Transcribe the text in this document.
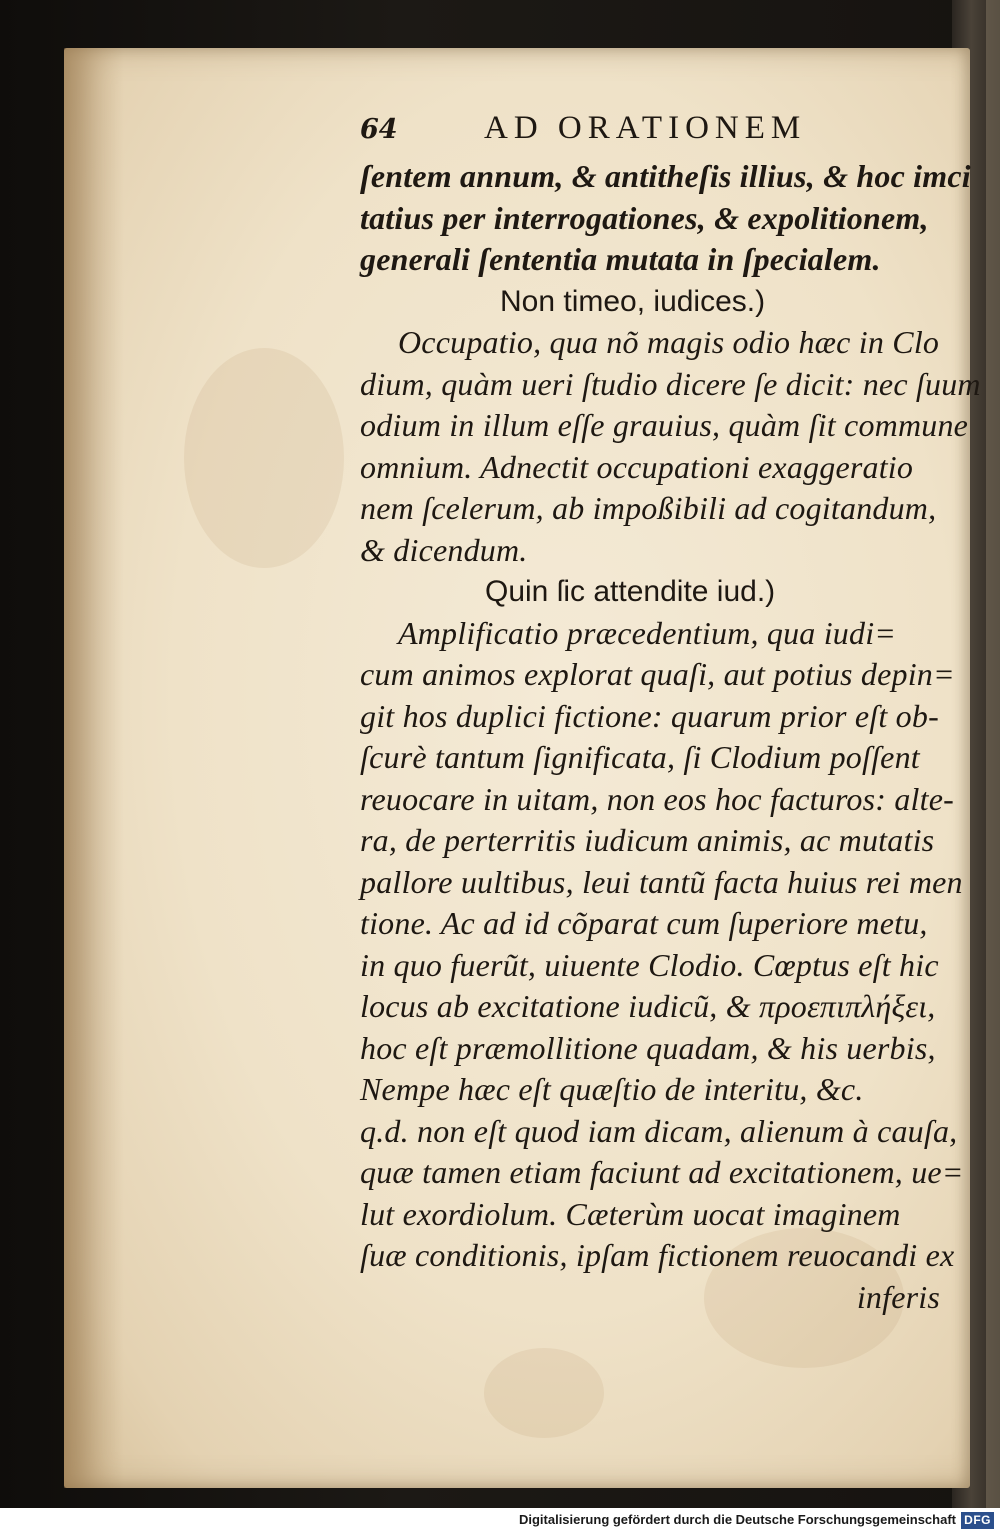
64	AD ORATIONEM
ſentem annum, & antitheſis illius, & hoc imci
tatius per interrogationes, & expolitionem,
generali ſententia mutata in ſpecialem.
Non timeo, iudices.)
Occupatio, qua nõ magis odio hæc in Clo
dium, quàm ueri ſtudio dicere ſe dicit: nec ſuum
odium in illum eſſe grauius, quàm ſit commune
omnium. Adnectit occupationi exaggeratio
nem ſcelerum, ab impoßibili ad cogitandum,
& dicendum.
Quin ſic attendite iud.)
Amplificatio præcedentium, qua iudi=
cum animos explorat quaſi, aut potius depin=
git hos duplici fictione: quarum prior eſt ob-
ſcurè tantum ſignificata, ſi Clodium poſſent
reuocare in uitam, non eos hoc facturos: alte-
ra, de perterritis iudicum animis, ac mutatis
pallore uultibus, leui tantũ facta huius rei men
tione. Ac ad id cõparat cum ſuperiore metu,
in quo fuerũt, uiuente Clodio. Cœptus eſt hic
locus ab excitatione iudicũ, & προεπιπλήξει,
hoc eſt præmollitione quadam, & his uerbis,
Nempe hæc eſt quæſtio de interitu, &c.
q.d. non eſt quod iam dicam, alienum à cauſa,
quæ tamen etiam faciunt ad excitationem, ue=
lut exordiolum. Cæterùm uocat imaginem
ſuæ conditionis, ipſam fictionem reuocandi ex
inferis
Digitalisierung gefördert durch die Deutsche Forschungsgemeinschaft DFG
